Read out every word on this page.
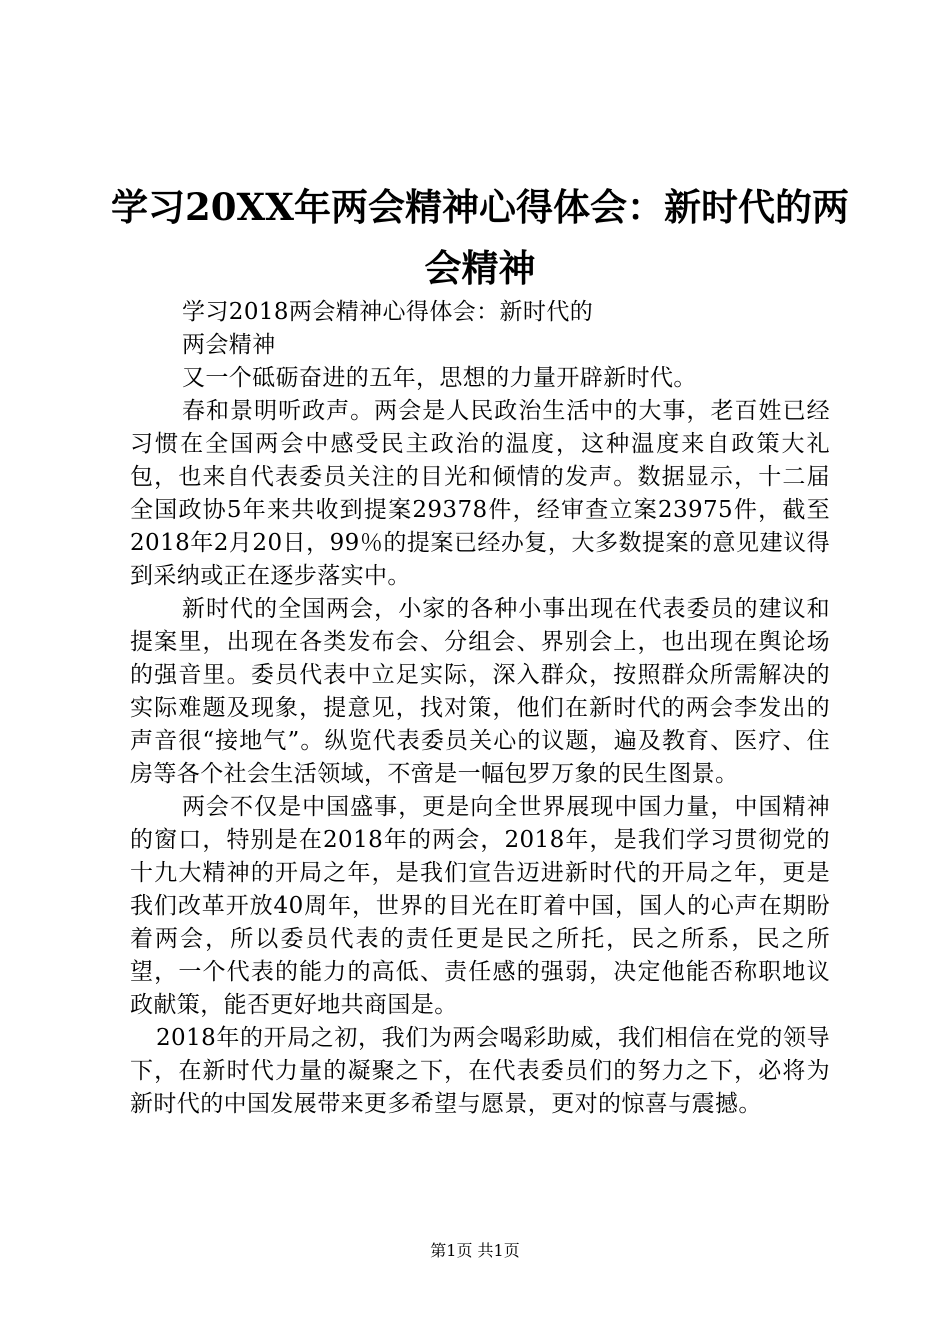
学习20XX年两会精神心得体会：新时代的两
会精神

学习2018两会精神心得体会：新时代的

两会精神

又一个砥砺奋进的五年，思想的力量开辟新时代。

春和景明听政声。两会是人民政治生活中的大事，老百姓已经习惯在全国两会中感受民主政治的温度，这种温度来自政策大礼包，也来自代表委员关注的目光和倾情的发声。数据显示，十二届全国政协5年来共收到提案29378件，经审查立案23975件，截至2018年2月20日，99％的提案已经办复，大多数提案的意见建议得到采纳或正在逐步落实中。

新时代的全国两会，小家的各种小事出现在代表委员的建议和提案里，出现在各类发布会、分组会、界别会上，也出现在舆论场的强音里。委员代表中立足实际，深入群众，按照群众所需解决的实际难题及现象，提意见，找对策，他们在新时代的两会李发出的声音很“接地气”。纵览代表委员关心的议题，遍及教育、医疗、住房等各个社会生活领域，不啻是一幅包罗万象的民生图景。

两会不仅是中国盛事，更是向全世界展现中国力量，中国精神的窗口，特别是在2018年的两会，2018年，是我们学习贯彻党的十九大精神的开局之年，是我们宣告迈进新时代的开局之年，更是我们改革开放40周年，世界的目光在盯着中国，国人的心声在期盼着两会，所以委员代表的责任更是民之所托，民之所系，民之所望，一个代表的能力的高低、责任感的强弱，决定他能否称职地议政献策，能否更好地共商国是。

2018年的开局之初，我们为两会喝彩助威，我们相信在党的领导下，在新时代力量的凝聚之下，在代表委员们的努力之下，必将为新时代的中国发展带来更多希望与愿景，更对的惊喜与震撼。

第1页 共1页
